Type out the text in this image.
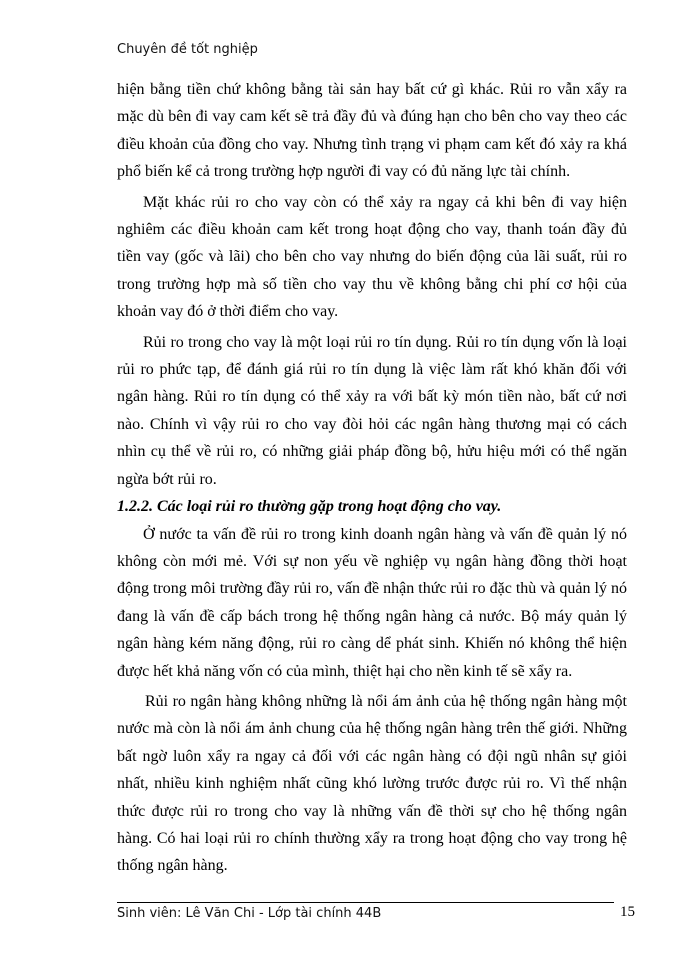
Chuyên đề tốt nghiệp

hiện bằng tiền chứ không bằng tài sản hay bất cứ gì khác. Rủi ro vẫn xẩy ra mặc dù bên đi vay cam kết sẽ trả đầy đủ và đúng hạn cho bên cho vay theo các điều khoản của đồng cho vay. Nhưng tình trạng vi phạm cam kết đó xảy ra khá phổ biến kể cả trong trường hợp người đi vay có đủ năng lực tài chính.

Mặt khác rủi ro cho vay còn có thể xảy ra ngay cả khi bên đi vay hiện nghiêm các điều khoản cam kết trong hoạt động cho vay, thanh toán đầy đủ tiền vay (gốc và lãi) cho bên cho vay nhưng do biến động của lãi suất, rủi ro trong trường hợp mà số tiền cho vay thu về không bằng chi phí cơ hội của khoản vay đó ở thời điểm cho vay.

Rủi ro trong cho vay là một loại rủi ro tín dụng. Rủi ro tín dụng vốn là loại rủi ro phức tạp, để đánh giá rủi ro tín dụng là việc làm rất khó khăn đối với ngân hàng. Rủi ro tín dụng có thể xảy ra với bất kỳ món tiền nào, bất cứ nơi nào. Chính vì vậy rủi ro cho vay đòi hỏi các ngân hàng thương mại có cách nhìn cụ thể về rủi ro, có những giải pháp đồng bộ, hửu hiệu mới có thể ngăn ngừa bớt rủi ro.

1.2.2. Các loại rủi ro thường gặp trong hoạt động cho vay.

Ở nước ta vấn đề rủi ro trong kinh doanh ngân hàng và vấn đề quản lý nó không còn mới mẻ. Với sự non yếu về nghiệp vụ ngân hàng đồng thời hoạt động trong môi trường đầy rủi ro, vấn đề nhận thức rủi ro đặc thù và quản lý nó đang là vấn đề cấp bách trong hệ thống ngân hàng cả nước. Bộ máy quản lý ngân hàng kém năng động, rủi ro càng dể phát sinh. Khiến nó không thể hiện được hết khả năng vốn có của mình, thiệt hại cho nền kinh tế sẽ xẩy ra.

Rủi ro ngân hàng không những là nổi ám ảnh của hệ thống ngân hàng một nước mà còn là nổi ám ảnh chung của hệ thống ngân hàng trên thế giới. Những bất ngờ luôn xẩy ra ngay cả đối với các ngân hàng có đội ngũ nhân sự giỏi nhất, nhiều kinh nghiệm nhất cũng khó lường trước được rủi ro. Vì thế nhận thức được rủi ro trong cho vay là những vấn đề thời sự cho hệ thống ngân hàng. Có hai loại rủi ro chính thường xẩy ra trong hoạt động cho vay trong hệ thống ngân hàng.

Sinh viên: Lê Văn Chi - Lớp tài chính 44B	15
